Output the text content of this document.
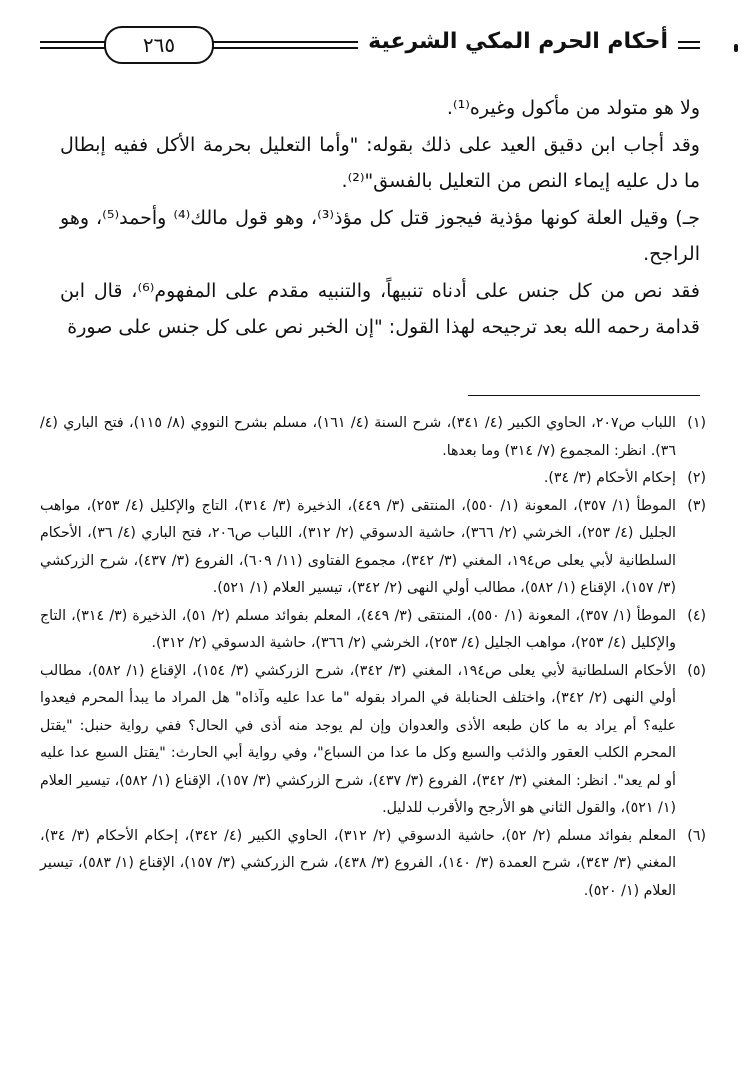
أحكام الحرم المكي الشرعية
٢٦٥

ولا هو متولد من مأكول وغيره⁽¹⁾.

وقد أجاب ابن دقيق العيد على ذلك بقوله: "وأما التعليل بحرمة الأكل ففيه إبطال ما دل عليه إيماء النص من التعليل بالفسق"⁽²⁾.

جـ) وقيل العلة كونها مؤذية فيجوز قتل كل مؤذ⁽³⁾، وهو قول مالك⁽⁴⁾ وأحمد⁽⁵⁾، وهو الراجح.

فقد نص من كل جنس على أدناه تنبيهاً، والتنبيه مقدم على المفهوم⁽⁶⁾، قال ابن قدامة رحمه الله بعد ترجيحه لهذا القول: "إن الخبر نص على كل جنس على صورة

(١)
اللباب ص٢٠٧، الحاوي الكبير (٤/ ٣٤١)، شرح السنة (٤/ ١٦١)، مسلم بشرح النووي (٨/ ١١٥)، فتح الباري (٤/ ٣٦). انظر: المجموع (٧/ ٣١٤) وما بعدها.
(٢)
إحكام الأحكام (٣/ ٣٤).
(٣)
الموطأ (١/ ٣٥٧)، المعونة (١/ ٥٥٠)، المنتقى (٣/ ٤٤٩)، الذخيرة (٣/ ٣١٤)، التاج والإكليل (٤/ ٢٥٣)، مواهب الجليل (٤/ ٢٥٣)، الخرشي (٢/ ٣٦٦)، حاشية الدسوقي (٢/ ٣١٢)، اللباب ص٢٠٦، فتح الباري (٤/ ٣٦)، الأحكام السلطانية لأبي يعلى ص١٩٤، المغني (٣/ ٣٤٢)، مجموع الفتاوى (١١/ ٦٠٩)، الفروع (٣/ ٤٣٧)، شرح الزركشي (٣/ ١٥٧)، الإقناع (١/ ٥٨٢)، مطالب أولي النهى (٢/ ٣٤٢)، تيسير العلام (١/ ٥٢١).
(٤)
الموطأ (١/ ٣٥٧)، المعونة (١/ ٥٥٠)، المنتقى (٣/ ٤٤٩)، المعلم بفوائد مسلم (٢/ ٥١)، الذخيرة (٣/ ٣١٤)، التاج والإكليل (٤/ ٢٥٣)، مواهب الجليل (٤/ ٢٥٣)، الخرشي (٢/ ٣٦٦)، حاشية الدسوقي (٢/ ٣١٢).
(٥)
الأحكام السلطانية لأبي يعلى ص١٩٤، المغني (٣/ ٣٤٢)، شرح الزركشي (٣/ ١٥٤)، الإقناع (١/ ٥٨٢)، مطالب أولي النهى (٢/ ٣٤٢)، واختلف الحنابلة في المراد بقوله "ما عدا عليه وآذاه" هل المراد ما يبدأ المحرم فيعدوا عليه؟ أم يراد به ما كان طبعه الأذى والعدوان وإن لم يوجد منه أذى في الحال؟ ففي رواية حنبل: "يقتل المحرم الكلب العقور والذئب والسبع وكل ما عدا من السباع"، وفي رواية أبي الحارث: "يقتل السبع عدا عليه أو لم يعد". انظر: المغني (٣/ ٣٤٢)، الفروع (٣/ ٤٣٧)، شرح الزركشي (٣/ ١٥٧)، الإقناع (١/ ٥٨٢)، تيسير العلام (١/ ٥٢١)، والقول الثاني هو الأرجح والأقرب للدليل.
(٦)
المعلم بفوائد مسلم (٢/ ٥٢)، حاشية الدسوقي (٢/ ٣١٢)، الحاوي الكبير (٤/ ٣٤٢)، إحكام الأحكام (٣/ ٣٤)، المغني (٣/ ٣٤٣)، شرح العمدة (٣/ ١٤٠)، الفروع (٣/ ٤٣٨)، شرح الزركشي (٣/ ١٥٧)، الإقناع (١/ ٥٨٣)، تيسير العلام (١/ ٥٢٠).
